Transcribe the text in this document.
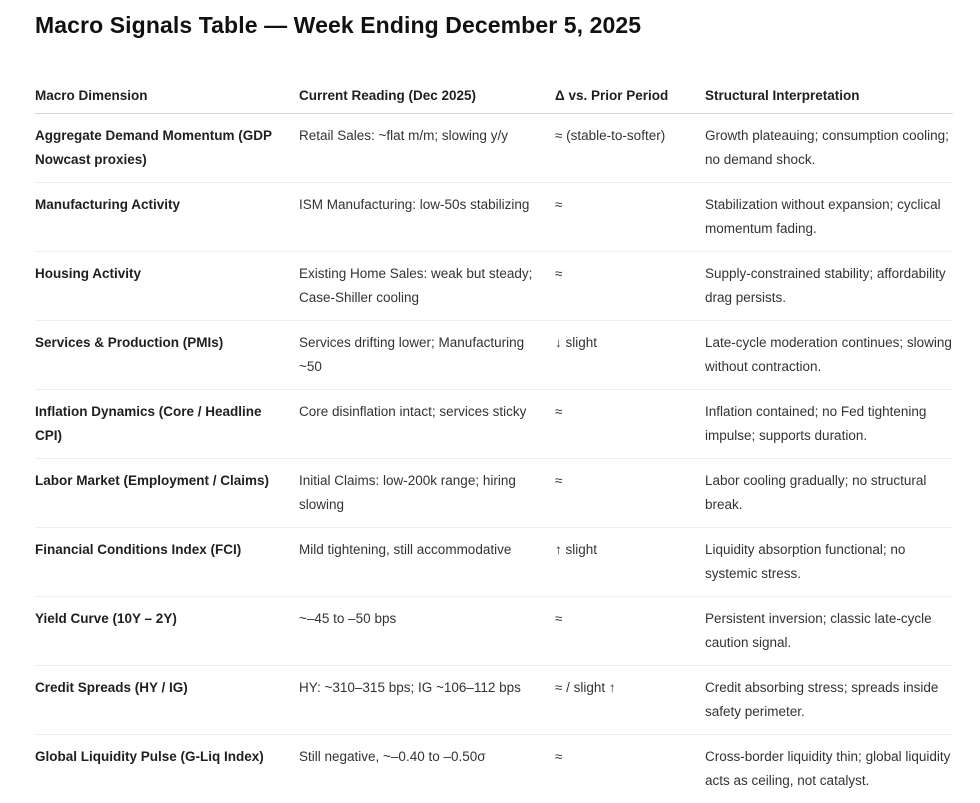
Macro Signals Table — Week Ending December 5, 2025
Macro Dimension	Current Reading (Dec 2025)	Δ vs. Prior Period	Structural Interpretation
Aggregate Demand Momentum (GDP Nowcast proxies)	Retail Sales: ~flat m/m; slowing y/y	≈ (stable-to-softer)	Growth plateauing; consumption cooling; no demand shock.
Manufacturing Activity	ISM Manufacturing: low-50s stabilizing	≈	Stabilization without expansion; cyclical momentum fading.
Housing Activity	Existing Home Sales: weak but steady; Case-Shiller cooling	≈	Supply-constrained stability; affordability drag persists.
Services & Production (PMIs)	Services drifting lower; Manufacturing ~50	↓ slight	Late-cycle moderation continues; slowing without contraction.
Inflation Dynamics (Core / Headline CPI)	Core disinflation intact; services sticky	≈	Inflation contained; no Fed tightening impulse; supports duration.
Labor Market (Employment / Claims)	Initial Claims: low-200k range; hiring slowing	≈	Labor cooling gradually; no structural break.
Financial Conditions Index (FCI)	Mild tightening, still accommodative	↑ slight	Liquidity absorption functional; no systemic stress.
Yield Curve (10Y – 2Y)	~–45 to –50 bps	≈	Persistent inversion; classic late-cycle caution signal.
Credit Spreads (HY / IG)	HY: ~310–315 bps; IG ~106–112 bps	≈ / slight ↑	Credit absorbing stress; spreads inside safety perimeter.
Global Liquidity Pulse (G-Liq Index)	Still negative, ~–0.40 to –0.50σ	≈	Cross-border liquidity thin; global liquidity acts as ceiling, not catalyst.
